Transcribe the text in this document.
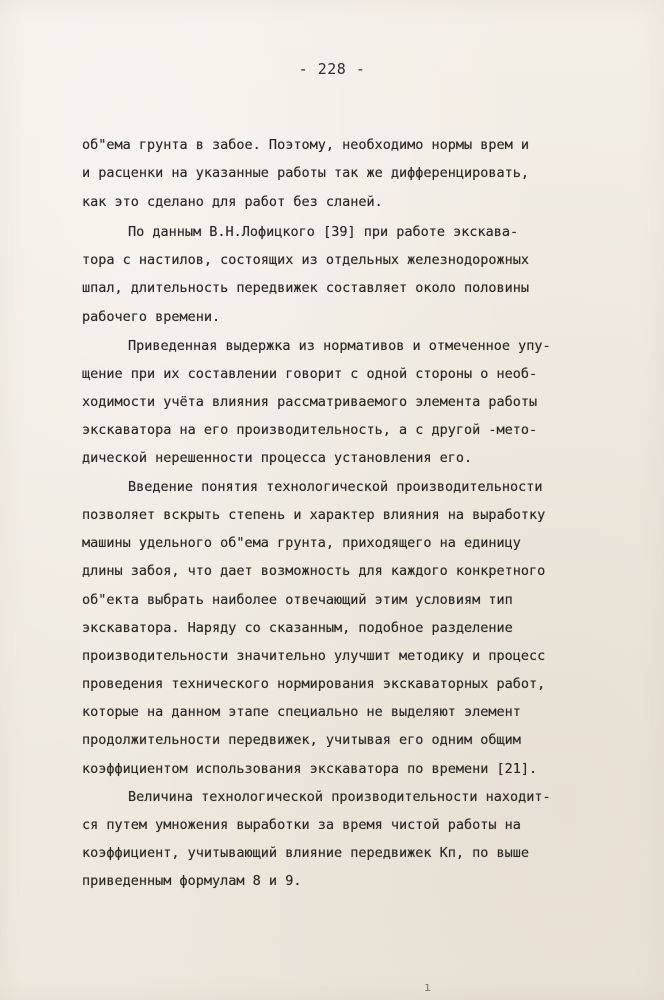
- 228 -
об"ема грунта в забое. Поэтому, необходимо нормы врем и
и расценки на указанные работы так же дифференцировать,
как это сделано для работ без сланей.
По данным В.Н.Лофицкого [39] при работе экскава-
тора с настилов, состоящих из отдельных железнодорожных
шпал, длительность передвижек составляет около половины
рабочего времени.
Приведенная выдержка из нормативов и отмеченное упу-
щение при их составлении говорит с одной стороны о необ-
ходимости учёта влияния рассматриваемого элемента работы
экскаватора на его производительность, а с другой -мето-
дической нерешенности процесса установления его.
Введение понятия технологической производительности
позволяет вскрыть степень и характер влияния на выработку
машины удельного об"ема грунта, приходящего на единицу
длины забоя, что дает возможность для каждого конкретного
об"екта выбрать наиболее отвечающий этим условиям тип
экскаватора. Наряду со сказанным, подобное разделение
производительности значительно улучшит методику и процесс
проведения технического нормирования экскаваторных работ,
которые на данном этапе специально не выделяют элемент
продолжительности передвижек, учитывая его одним общим
коэффициентом использования экскаватора по времени [21].
Величина технологической производительности находит-
ся путем умножения выработки за время чистой работы на
коэффициент, учитывающий влияние передвижек Кп, по выше
приведенным формулам 8 и 9.
ı
